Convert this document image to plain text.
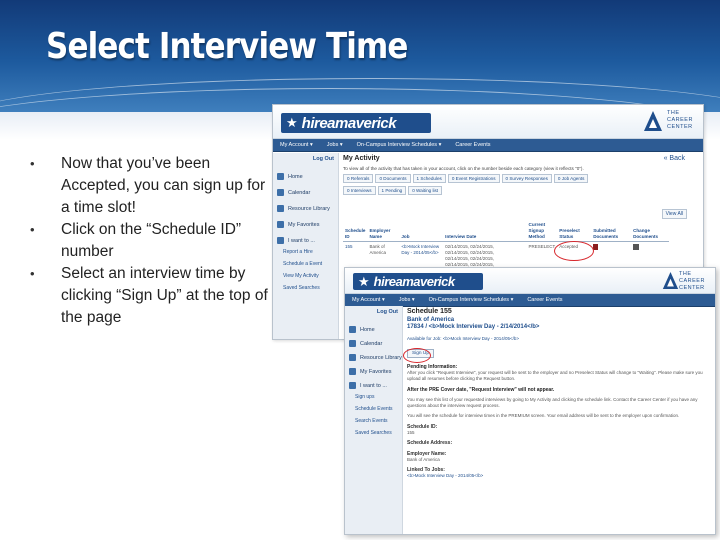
Select Interview Time
• Now that you’ve been Accepted, you can sign up for a time slot!
• Click on the “Schedule ID” number
• Select an interview time by clicking “Sign Up” at the top of the page
★ hireamaverick
THE CAREER CENTER
My Account ▾	Jobs ▾	On-Campus Interview Schedules ▾	Career Events
Log Out
Home
Calendar
Resource Library
My Favorites
I want to ...
Report a Hire
Schedule a Event
View My Activity
Saved Searches
My Activity	« Back
To view all of the activity that has taken in your account, click on the number beside each category (view it reflects "0").
0 Referrals	0 Documents	1 Schedules	0 Event Registrations	0 Survey Responses	0 Job Agents
0 Interviews	1 Pending	0 Waiting list
View All
Schedule ID	Employer Name	Job	Interview Date	Current Signup Method	Preselect Status	Submitted Documents	Change Documents
155	Bank of America	<b>Mock Interview Day - 2014/05</b>	02/14/2015, 02/24/2015,
02/14/2015, 02/24/2015,
02/14/2015, 02/24/2015,
02/14/2015, 02/24/2015,	PRESELECT	Accepted		
★ hireamaverick	THE CAREER CENTER
My Account ▾	Jobs ▾	On-Campus Interview Schedules ▾	Career Events
Log Out
Home
Calendar
Resource Library
My Favorites
I want to ...
Sign ups
Schedule Events
Search Events
Saved Searches
Schedule 155
Bank of America
17834 / <b>Mock Interview Day - 2/14/2014</b>
Available for Job: <b>Mock Interview Day - 2014/05</b>
Sign Up
Pending Information:
After you click "Request Interview", your request will be sent to the employer and no Preselect Status will change to "Waiting". Please make sure you upload all resumes before clicking the Request button.
After the PRE Cover date, "Request Interview" will not appear.
You may see this list of your requested interviews by going to My Activity and clicking the schedule link. Contact the Career Center if you have any questions about the interview request process.
You will see the schedule for interview times in the PREMIUM screen. Your email address will be sent to the employer upon confirmation.
Schedule ID:
155
Schedule Address:
Employer Name:
Bank of America
Linked To Jobs:
<b>Mock Interview Day - 2014/05</b>
